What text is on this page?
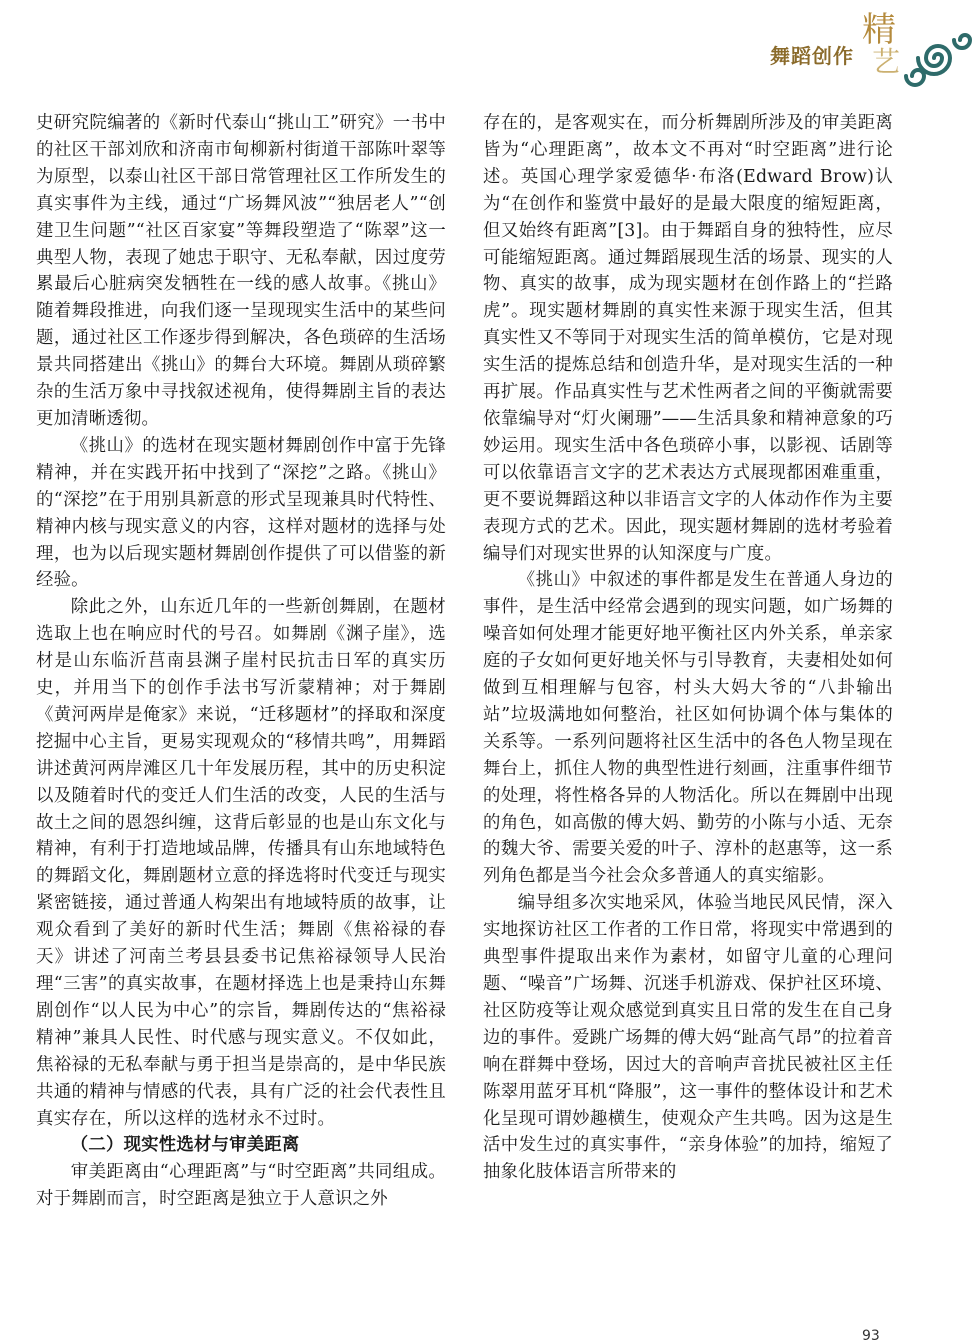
舞蹈创作
精
艺

史研究院编著的《新时代泰山“挑山工”研究》一书中的社区干部刘欣和济南市甸柳新村街道干部陈叶翠等为原型，以泰山社区干部日常管理社区工作所发生的真实事件为主线，通过“广场舞风波”“独居老人”“创建卫生问题”“社区百家宴”等舞段塑造了“陈翠”这一典型人物，表现了她忠于职守、无私奉献，因过度劳累最后心脏病突发牺牲在一线的感人故事。《挑山》随着舞段推进，向我们逐一呈现现实生活中的某些问题，通过社区工作逐步得到解决，各色琐碎的生活场景共同搭建出《挑山》的舞台大环境。舞剧从琐碎繁杂的生活万象中寻找叙述视角，使得舞剧主旨的表达更加清晰透彻。

《挑山》的选材在现实题材舞剧创作中富于先锋精神，并在实践开拓中找到了“深挖”之路。《挑山》的“深挖”在于用别具新意的形式呈现兼具时代特性、精神内核与现实意义的内容，这样对题材的选择与处理，也为以后现实题材舞剧创作提供了可以借鉴的新经验。

除此之外，山东近几年的一些新创舞剧，在题材选取上也在响应时代的号召。如舞剧《渊子崖》，选材是山东临沂莒南县渊子崖村民抗击日军的真实历史，并用当下的创作手法书写沂蒙精神；对于舞剧《黄河两岸是俺家》来说，“迁移题材”的择取和深度挖掘中心主旨，更易实现观众的“移情共鸣”，用舞蹈讲述黄河两岸滩区几十年发展历程，其中的历史积淀以及随着时代的变迁人们生活的改变，人民的生活与故土之间的恩怨纠缠，这背后彰显的也是山东文化与精神，有利于打造地域品牌，传播具有山东地域特色的舞蹈文化，舞剧题材立意的择选将时代变迁与现实紧密链接，通过普通人构架出有地域特质的故事，让观众看到了美好的新时代生活；舞剧《焦裕禄的春天》讲述了河南兰考县县委书记焦裕禄领导人民治理“三害”的真实故事，在题材择选上也是秉持山东舞剧创作“以人民为中心”的宗旨，舞剧传达的“焦裕禄精神”兼具人民性、时代感与现实意义。不仅如此，焦裕禄的无私奉献与勇于担当是崇高的，是中华民族共通的精神与情感的代表，具有广泛的社会代表性且真实存在，所以这样的选材永不过时。

（二）现实性选材与审美距离

审美距离由“心理距离”与“时空距离”共同组成。对于舞剧而言，时空距离是独立于人意识之外

存在的，是客观实在，而分析舞剧所涉及的审美距离皆为“心理距离”，故本文不再对“时空距离”进行论述。英国心理学家爱德华·布洛(Edward Brow)认为“在创作和鉴赏中最好的是最大限度的缩短距离，但又始终有距离”[3]。由于舞蹈自身的独特性，应尽可能缩短距离。通过舞蹈展现生活的场景、现实的人物、真实的故事，成为现实题材在创作路上的“拦路虎”。现实题材舞剧的真实性来源于现实生活，但其真实性又不等同于对现实生活的简单模仿，它是对现实生活的提炼总结和创造升华，是对现实生活的一种再扩展。作品真实性与艺术性两者之间的平衡就需要依靠编导对“灯火阑珊”——生活具象和精神意象的巧妙运用。现实生活中各色琐碎小事，以影视、话剧等可以依靠语言文字的艺术表达方式展现都困难重重，更不要说舞蹈这种以非语言文字的人体动作作为主要表现方式的艺术。因此，现实题材舞剧的选材考验着编导们对现实世界的认知深度与广度。

《挑山》中叙述的事件都是发生在普通人身边的事件，是生活中经常会遇到的现实问题，如广场舞的噪音如何处理才能更好地平衡社区内外关系，单亲家庭的子女如何更好地关怀与引导教育，夫妻相处如何做到互相理解与包容，村头大妈大爷的“八卦输出站”垃圾满地如何整治，社区如何协调个体与集体的关系等。一系列问题将社区生活中的各色人物呈现在舞台上，抓住人物的典型性进行刻画，注重事件细节的处理，将性格各异的人物活化。所以在舞剧中出现的角色，如高傲的傅大妈、勤劳的小陈与小适、无奈的魏大爷、需要关爱的叶子、淳朴的赵惠等，这一系列角色都是当今社会众多普通人的真实缩影。

编导组多次实地采风，体验当地民风民情，深入实地探访社区工作者的工作日常，将现实中常遇到的典型事件提取出来作为素材，如留守儿童的心理问题、“噪音”广场舞、沉迷手机游戏、保护社区环境、社区防疫等让观众感觉到真实且日常的发生在自己身边的事件。爱跳广场舞的傅大妈“趾高气昂”的拉着音响在群舞中登场，因过大的音响声音扰民被社区主任陈翠用蓝牙耳机“降服”，这一事件的整体设计和艺术化呈现可谓妙趣横生，使观众产生共鸣。因为这是生活中发生过的真实事件，“亲身体验”的加持，缩短了抽象化肢体语言所带来的

93
